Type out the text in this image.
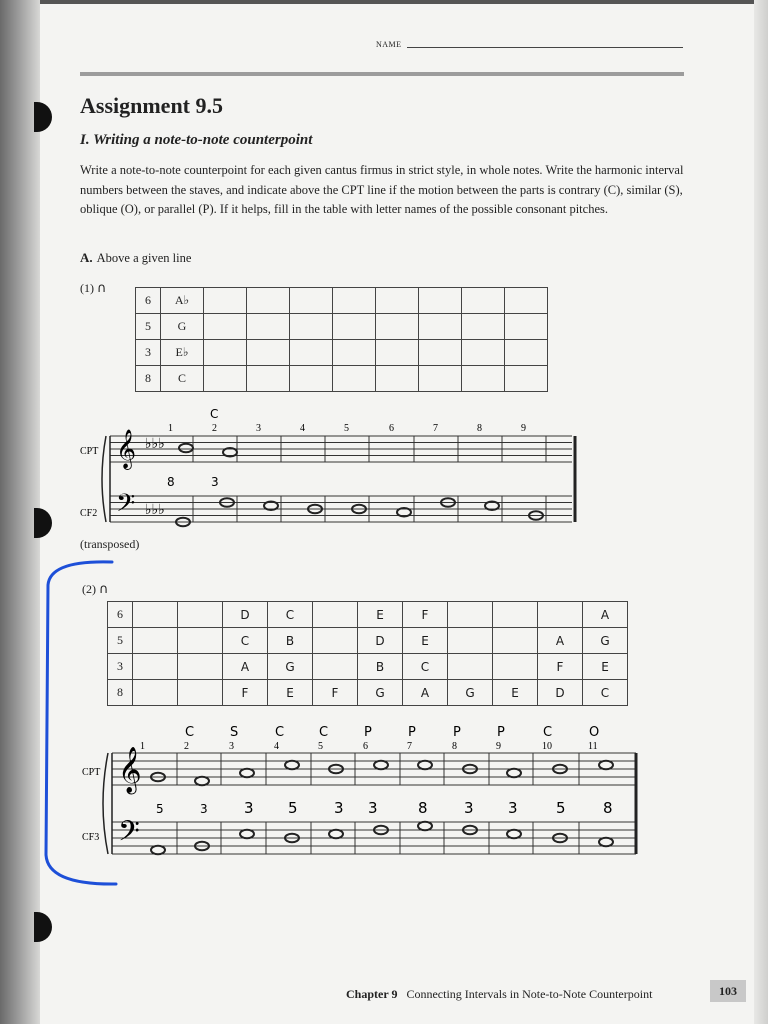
NAME
Assignment 9.5
I. Writing a note-to-note counterpoint
Write a note-to-note counterpoint for each given cantus firmus in strict style, in whole notes. Write the harmonic interval numbers between the staves, and indicate above the CPT line if the motion between the parts is contrary (C), similar (S), oblique (O), or parallel (P). If it helps, fill in the table with letter names of the possible consonant pitches.
A. Above a given line
(1) ∩
6	A♭								
5	G								
3	E♭								
8	C								
(transposed)
(2) ∩
6			D	C		E	F				A
5			C	B		D	E			A	G
3			A	G		B	C			F	E
8			F	E	F	G	A	G	E	D	C
𝄞
𝄢
♭♭♭
♭♭♭
CPT
CF2
1
8
2
C
3
3	4	5	6	7	8	9
𝄞
𝄢
CPT
CF3
1	2
C
3
S
4
C
5
C
6
P
7
P
8
P
9
P
10
C
11
O
5	3 3 5 3 3	8 3 3	5 8
Chapter 9 Connecting Intervals in Note-to-Note Counterpoint	103
